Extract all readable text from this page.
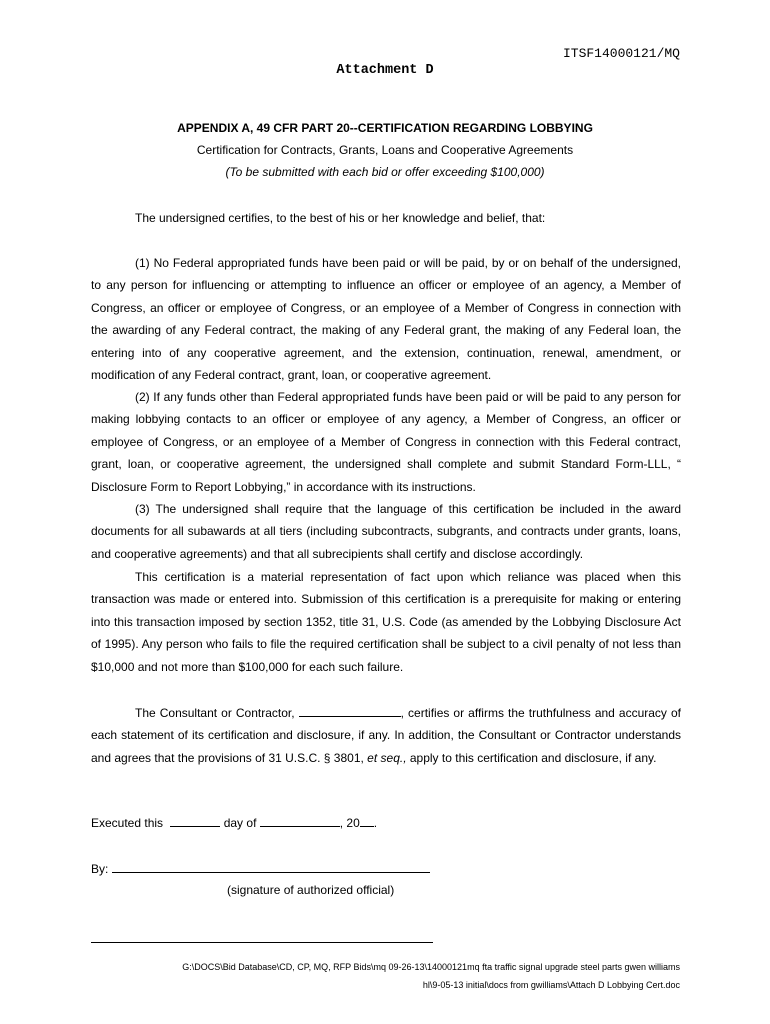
ITSF14000121/MQ
Attachment D
APPENDIX A, 49 CFR PART 20--CERTIFICATION REGARDING LOBBYING
Certification for Contracts, Grants, Loans and Cooperative Agreements
(To be submitted with each bid or offer exceeding $100,000)
The undersigned certifies, to the best of his or her knowledge and belief, that:
(1) No Federal appropriated funds have been paid or will be paid, by or on behalf of the undersigned, to any person for influencing or attempting to influence an officer or employee of an agency, a Member of Congress, an officer or employee of Congress, or an employee of a Member of Congress in connection with the awarding of any Federal contract, the making of any Federal grant, the making of any Federal loan, the entering into of any cooperative agreement, and the extension, continuation, renewal, amendment, or modification of any Federal contract, grant, loan, or cooperative agreement.
(2) If any funds other than Federal appropriated funds have been paid or will be paid to any person for making lobbying contacts to an officer or employee of any agency, a Member of Congress, an officer or employee of Congress, or an employee of a Member of Congress in connection with this Federal contract, grant, loan, or cooperative agreement, the undersigned shall complete and submit Standard Form-LLL, “ Disclosure Form to Report Lobbying,” in accordance with its instructions.
(3) The undersigned shall require that the language of this certification be included in the award documents for all subawards at all tiers (including subcontracts, subgrants, and contracts under grants, loans, and cooperative agreements) and that all subrecipients shall certify and disclose accordingly.
This certification is a material representation of fact upon which reliance was placed when this transaction was made or entered into. Submission of this certification is a prerequisite for making or entering into this transaction imposed by section 1352, title 31, U.S. Code (as amended by the Lobbying Disclosure Act of 1995). Any person who fails to file the required certification shall be subject to a civil penalty of not less than $10,000 and not more than $100,000 for each such failure.
The Consultant or Contractor,	, certifies or affirms the truthfulness and accuracy of each statement of its certification and disclosure, if any. In addition, the Consultant or Contractor understands and agrees that the provisions of 31 U.S.C. § 3801, et seq., apply to this certification and disclosure, if any.
Executed this	day of	, 20 .
By:
(signature of authorized official)
G:\DOCS\Bid Database\CD, CP, MQ, RFP Bids\mq 09-26-13\14000121mq fta traffic signal upgrade steel parts gwen williams
hl\9-05-13 initial\docs from gwilliams\Attach D Lobbying Cert.doc
